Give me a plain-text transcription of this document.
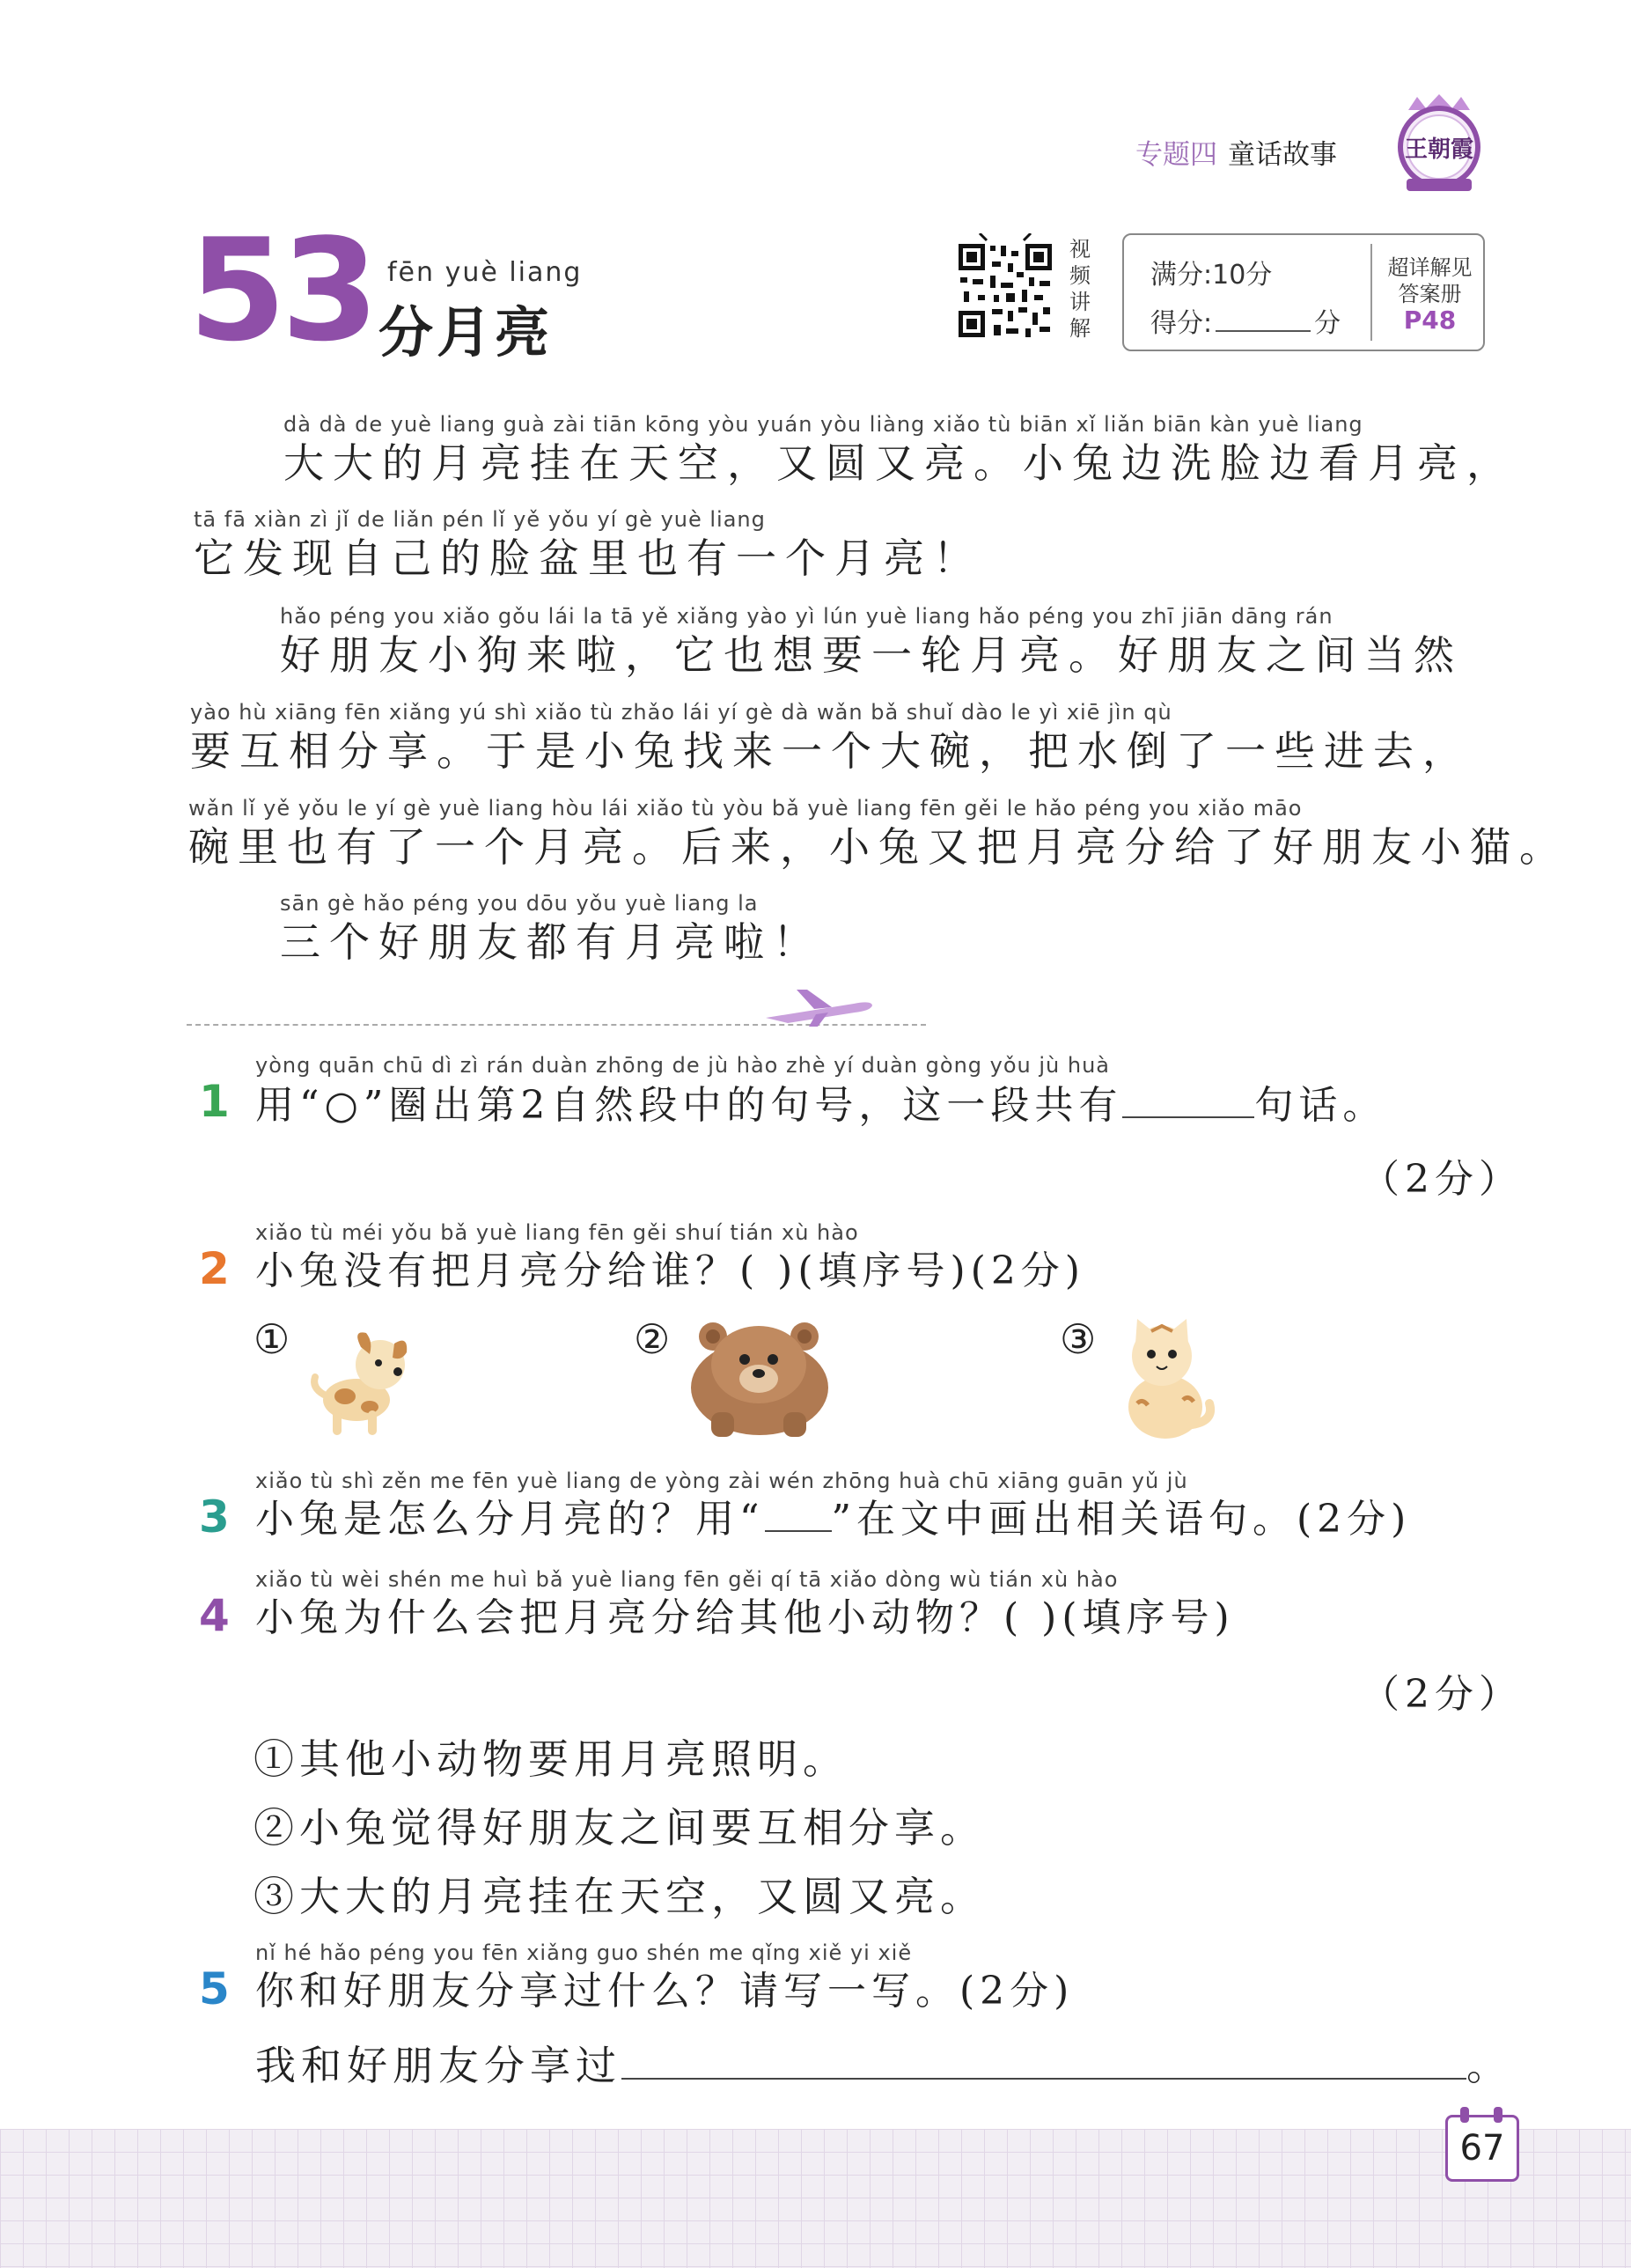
专题四 童话故事	王朝霞
53 fēn yuè liang
分月亮
视
频
讲
解
满分:10分
得分:	分
超详解见
答案册
P48
dà dà de yuè liang guà zài tiān kōng yòu yuán yòu liàng xiǎo tù biān xǐ liǎn biān kàn yuè liang
大大的月亮挂在天空，又圆又亮。小兔边洗脸边看月亮，
tā fā xiàn zì jǐ de liǎn pén lǐ yě yǒu yí gè yuè liang
它发现自己的脸盆里也有一个月亮！
hǎo péng you xiǎo gǒu lái la tā yě xiǎng yào yì lún yuè liang hǎo péng you zhī jiān dāng rán
好朋友小狗来啦，它也想要一轮月亮。好朋友之间当然
yào hù xiāng fēn xiǎng yú shì xiǎo tù zhǎo lái yí gè dà wǎn bǎ shuǐ dào le yì xiē jìn qù
要互相分享。于是小兔找来一个大碗，把水倒了一些进去，
wǎn lǐ yě yǒu le yí gè yuè liang hòu lái xiǎo tù yòu bǎ yuè liang fēn gěi le hǎo péng you xiǎo māo
碗里也有了一个月亮。后来，小兔又把月亮分给了好朋友小猫。
sān gè hǎo péng you dōu yǒu yuè liang la
三个好朋友都有月亮啦！
1
yòng quān chū dì zì rán duàn zhōng de jù hào zhè yí duàn gòng yǒu jù huà
用“○”圈出第2自然段中的句号，这一段共有	句话。
（2分）
2
xiǎo tù méi yǒu bǎ yuè liang fēn gěi shuí tián xù hào
小兔没有把月亮分给谁？( )(填序号)(2分)
①	②	③
3
xiǎo tù shì zěn me fēn yuè liang de yòng zài wén zhōng huà chū xiāng guān yǔ jù
小兔是怎么分月亮的？用“ ”在文中画出相关语句。(2分)
4
xiǎo tù wèi shén me huì bǎ yuè liang fēn gěi qí tā xiǎo dòng wù tián xù hào
小兔为什么会把月亮分给其他小动物？( )(填序号)
（2分）
①其他小动物要用月亮照明。
②小兔觉得好朋友之间要互相分享。
③大大的月亮挂在天空，又圆又亮。
5
nǐ hé hǎo péng you fēn xiǎng guo shén me qǐng xiě yi xiě
你和好朋友分享过什么？请写一写。(2分)
我和好朋友分享过	。
67
